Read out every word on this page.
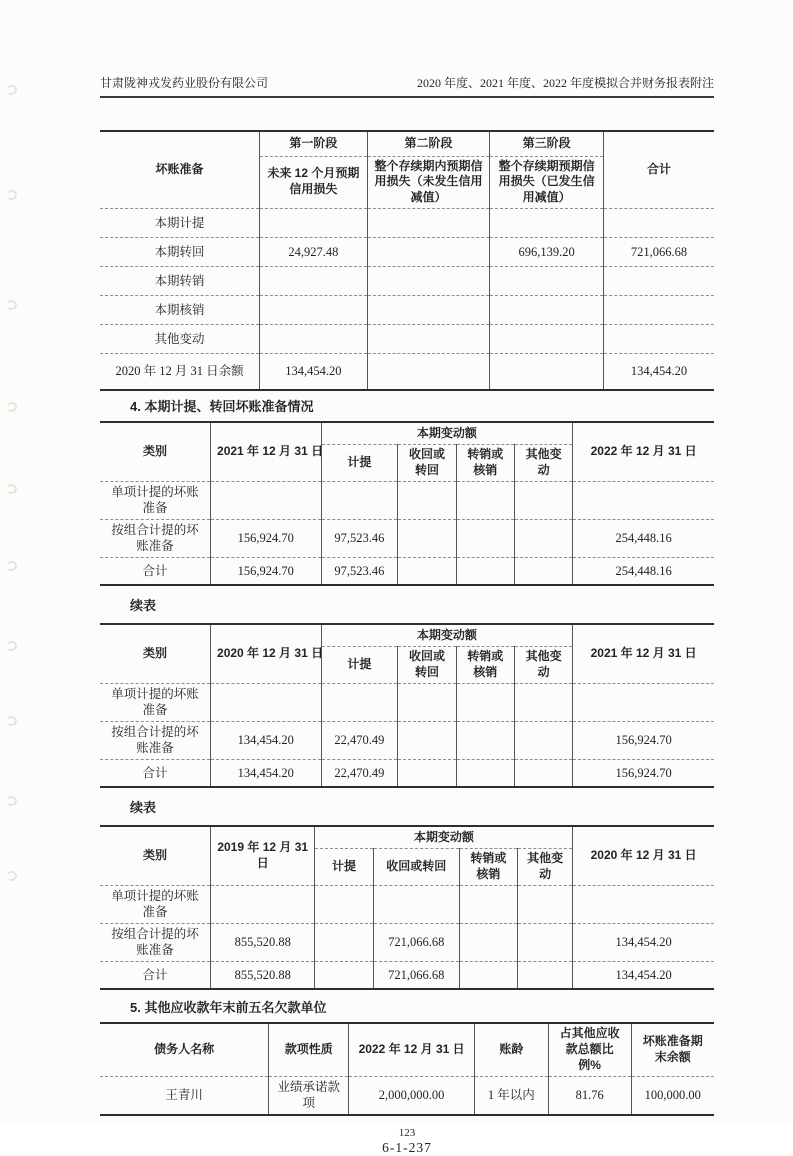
甘肃陇神戎发药业股份有限公司	2020 年度、2021 年度、2022 年度模拟合并财务报表附注
坏账准备	第一阶段	第二阶段	第三阶段	合计
	未来 12 个月预期信用损失	整个存续期内预期信用损失（未发生信用减值）	整个存续期预期信用损失（已发生信用减值）	
本期计提				
本期转回	24,927.48		696,139.20	721,066.68
本期转销				
本期核销				
其他变动				
2020 年 12 月 31 日余额	134,454.20			134,454.20
4. 本期计提、转回坏账准备情况
类别	2021 年 12 月 31 日	本期变动额				2022 年 12 月 31 日
		计提	收回或转回	转销或核销	其他变动	
单项计提的坏账准备						
按组合计提的坏账准备	156,924.70	97,523.46				254,448.16
合计	156,924.70	97,523.46				254,448.16
续表
类别	2020 年 12 月 31 日	本期变动额				2021 年 12 月 31 日
		计提	收回或转回	转销或核销	其他变动	
单项计提的坏账准备						
按组合计提的坏账准备	134,454.20	22,470.49				156,924.70
合计	134,454.20	22,470.49				156,924.70
续表
类别	2019 年 12 月 31 日	本期变动额				2020 年 12 月 31 日
		计提	收回或转回	转销或核销	其他变动	
单项计提的坏账准备						
按组合计提的坏账准备	855,520.88		721,066.68			134,454.20
合计	855,520.88		721,066.68			134,454.20
5. 其他应收款年末前五名欠款单位
债务人名称	款项性质	2022 年 12 月 31 日	账龄	占其他应收款总额比例%	坏账准备期末余额
王青川	业绩承诺款项	2,000,000.00	1 年以内	81.76	100,000.00
123
6-1-237
